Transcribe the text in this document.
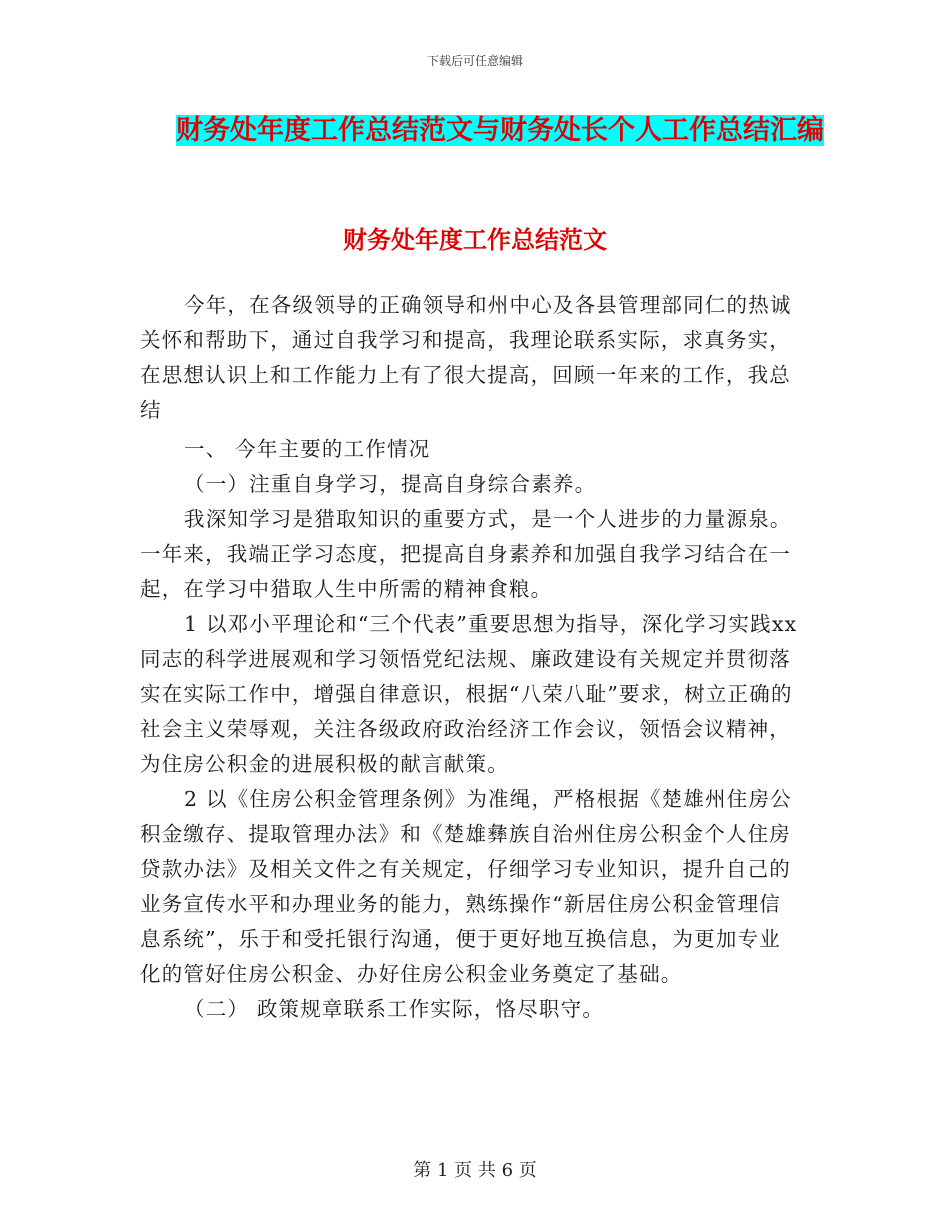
下载后可任意编辑
财务处年度工作总结范文与财务处长个人工作总结汇编
财务处年度工作总结范文

今年，在各级领导的正确领导和州中心及各县管理部同仁的热诚关怀和帮助下，通过自我学习和提高，我理论联系实际，求真务实，在思想认识上和工作能力上有了很大提高，回顾一年来的工作，我总结

一、 今年主要的工作情况

（一）注重自身学习，提高自身综合素养。

我深知学习是猎取知识的重要方式，是一个人进步的力量源泉。一年来，我端正学习态度，把提高自身素养和加强自我学习结合在一起，在学习中猎取人生中所需的精神食粮。

1 以邓小平理论和“三个代表”重要思想为指导，深化学习实践xx同志的科学进展观和学习领悟党纪法规、廉政建设有关规定并贯彻落实在实际工作中，增强自律意识，根据“八荣八耻”要求，树立正确的社会主义荣辱观，关注各级政府政治经济工作会议，领悟会议精神，为住房公积金的进展积极的献言献策。

2 以《住房公积金管理条例》为准绳，严格根据《楚雄州住房公积金缴存、提取管理办法》和《楚雄彝族自治州住房公积金个人住房贷款办法》及相关文件之有关规定，仔细学习专业知识，提升自己的业务宣传水平和办理业务的能力，熟练操作“新居住房公积金管理信息系统”，乐于和受托银行沟通，便于更好地互换信息，为更加专业化的管好住房公积金、办好住房公积金业务奠定了基础。

（二） 政策规章联系工作实际，恪尽职守。

第 1 页 共 6 页
